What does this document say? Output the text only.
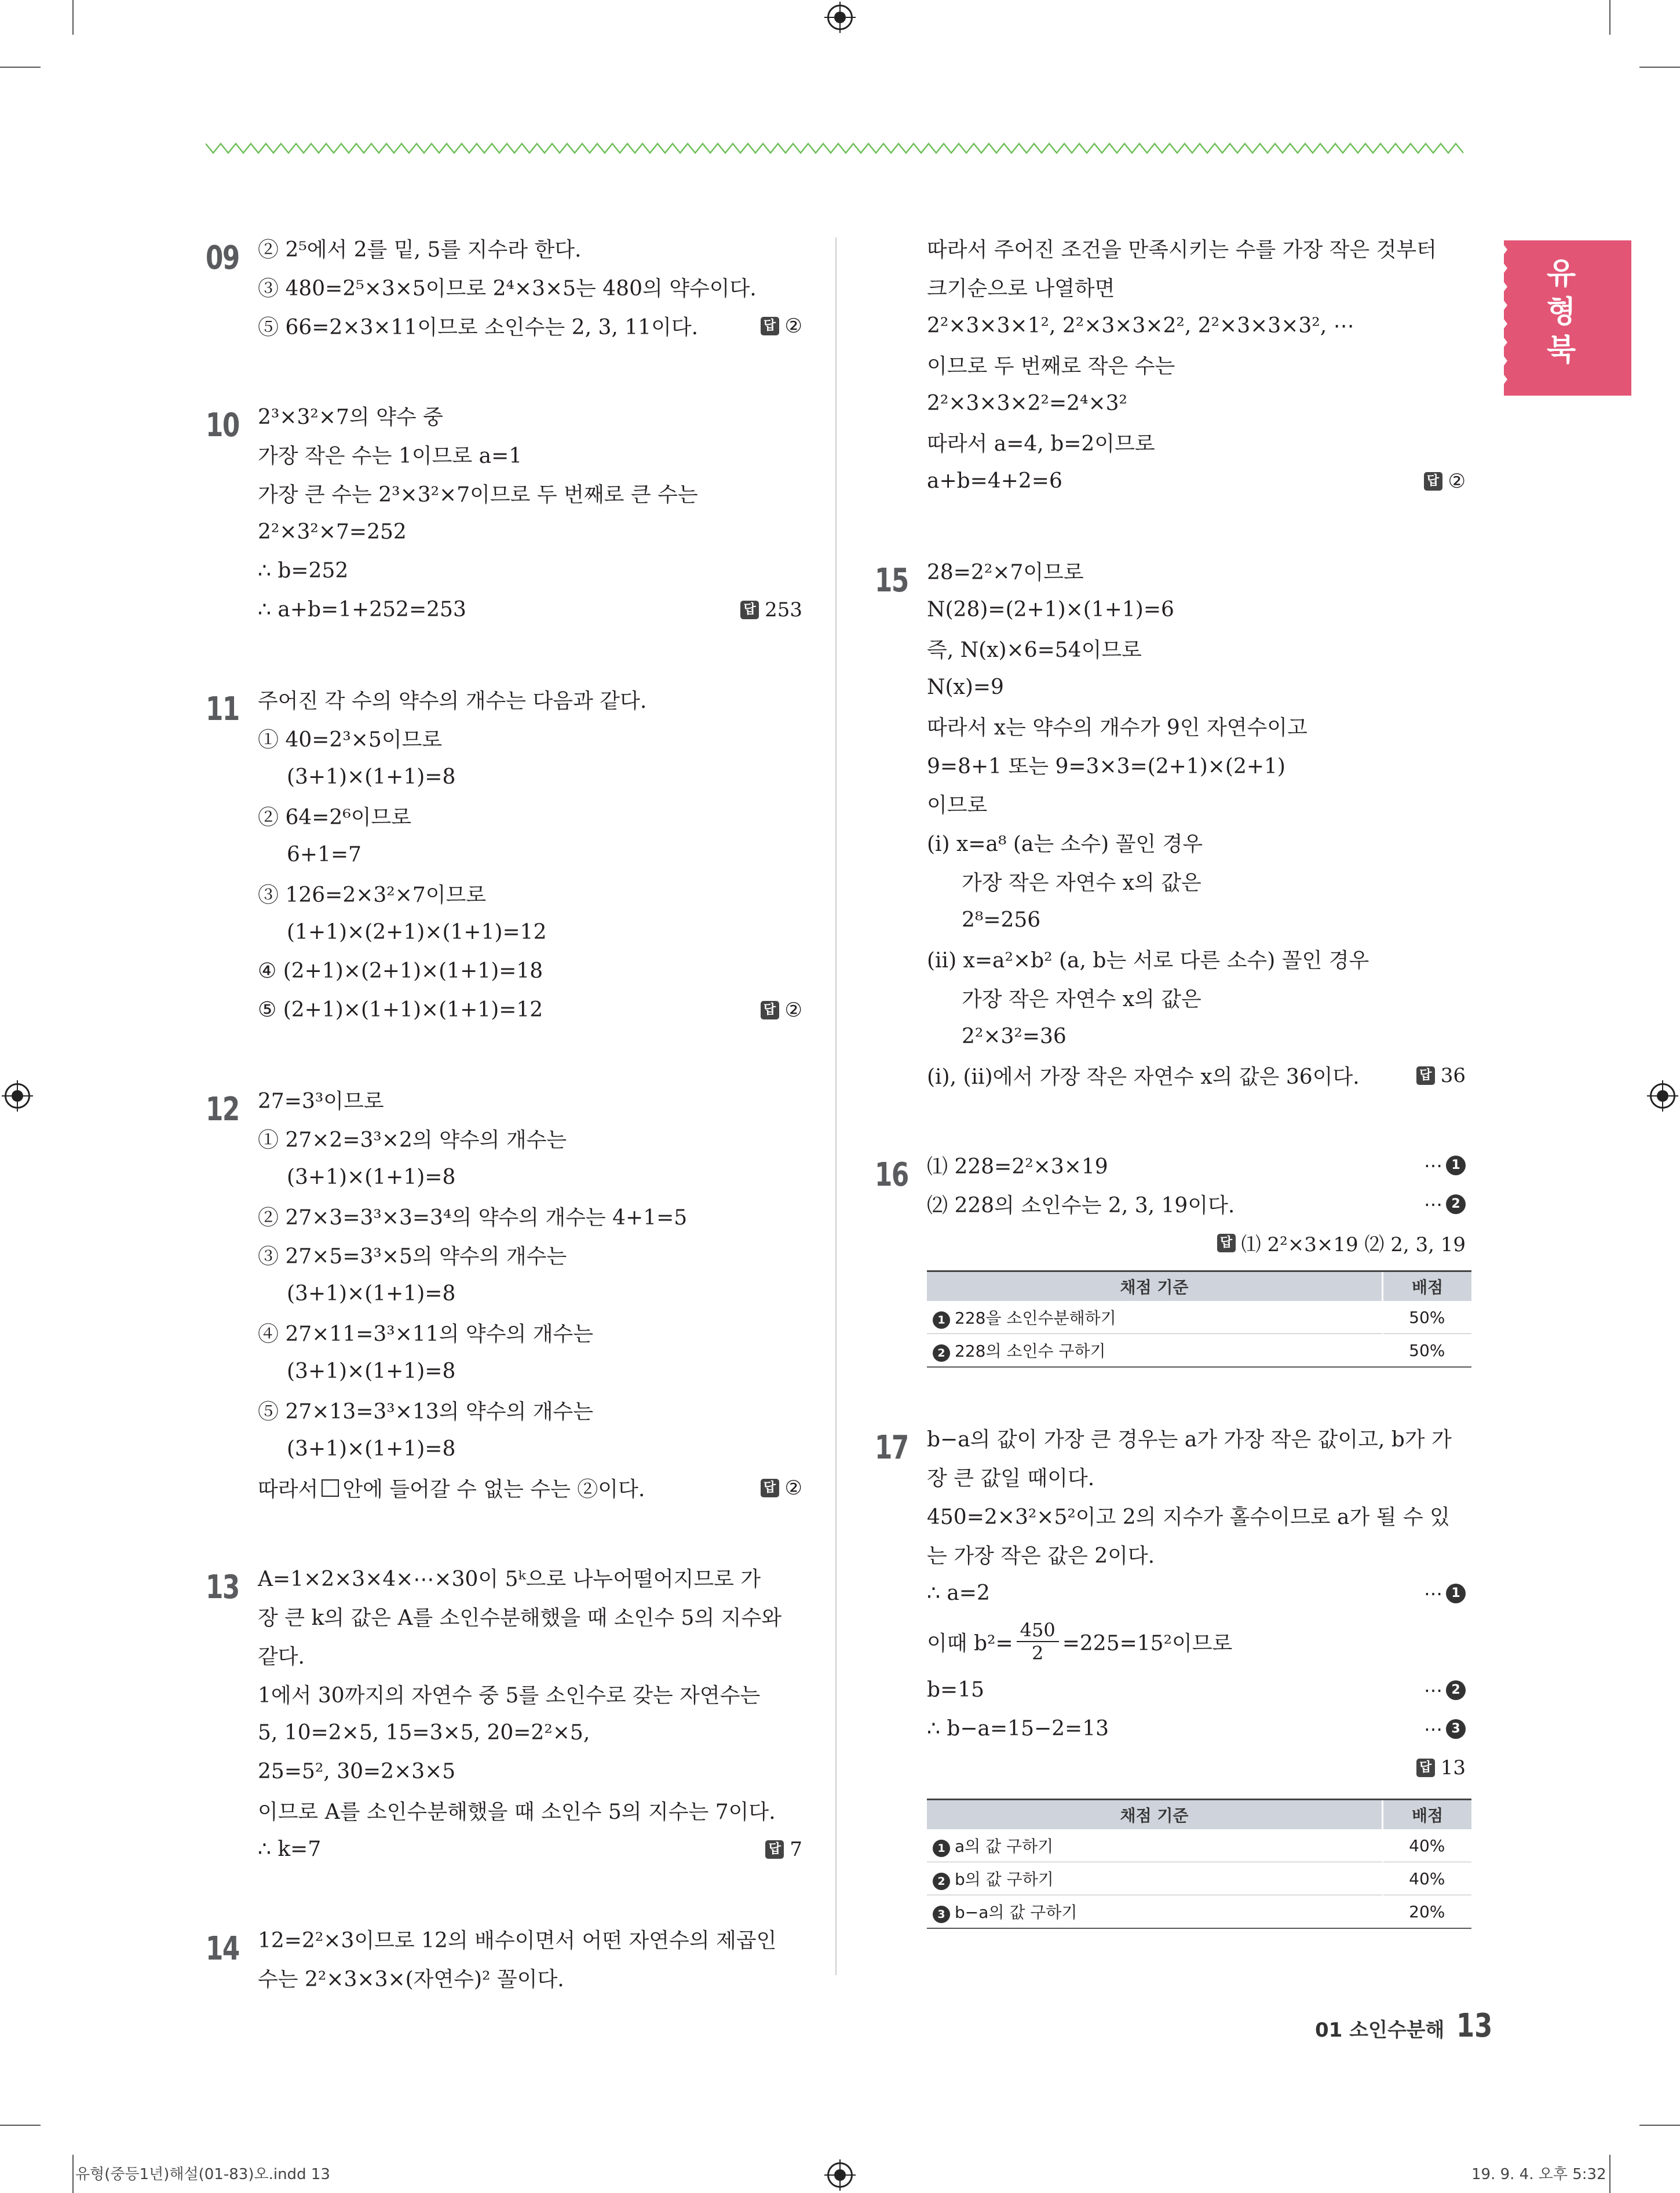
유
형
북
09 ② 2⁵에서 2를 밑, 5를 지수라 한다.
③ 480=2⁵×3×5이므로 2⁴×3×5는 480의 약수이다.
⑤ 66=2×3×11이므로 소인수는 2, 3, 11이다.	답 ②
10 2³×3²×7의 약수 중
가장 작은 수는 1이므로 a=1
가장 큰 수는 2³×3²×7이므로 두 번째로 큰 수는
2²×3²×7=252
∴ b=252
∴ a+b=1+252=253	답 253
11 주어진 각 수의 약수의 개수는 다음과 같다.
① 40=2³×5이므로
(3+1)×(1+1)=8
② 64=2⁶이므로
6+1=7
③ 126=2×3²×7이므로
(1+1)×(2+1)×(1+1)=12
④ (2+1)×(2+1)×(1+1)=18
⑤ (2+1)×(1+1)×(1+1)=12	답 ②
12 27=3³이므로
① 27×2=3³×2의 약수의 개수는
(3+1)×(1+1)=8
② 27×3=3³×3=3⁴의 약수의 개수는 4+1=5
③ 27×5=3³×5의 약수의 개수는
(3+1)×(1+1)=8
④ 27×11=3³×11의 약수의 개수는
(3+1)×(1+1)=8
⑤ 27×13=3³×13의 약수의 개수는
(3+1)×(1+1)=8
따라서 안에 들어갈 수 없는 수는 ②이다.	답 ②
13 A=1×2×3×4×⋯×30이 5ᵏ으로 나누어떨어지므로 가
장 큰 k의 값은 A를 소인수분해했을 때 소인수 5의 지수와
같다.
1에서 30까지의 자연수 중 5를 소인수로 갖는 자연수는
5, 10=2×5, 15=3×5, 20=2²×5,
25=5², 30=2×3×5
이므로 A를 소인수분해했을 때 소인수 5의 지수는 7이다.
∴ k=7	답 7
14 12=2²×3이므로 12의 배수이면서 어떤 자연수의 제곱인
수는 2²×3×3×(자연수)² 꼴이다.
따라서 주어진 조건을 만족시키는 수를 가장 작은 것부터
크기순으로 나열하면
2²×3×3×1², 2²×3×3×2², 2²×3×3×3², ⋯
이므로 두 번째로 작은 수는
2²×3×3×2²=2⁴×3²
따라서 a=4, b=2이므로
a+b=4+2=6	답 ②
15 28=2²×7이므로
N(28)=(2+1)×(1+1)=6
즉, N(x)×6=54이므로
N(x)=9
따라서 x는 약수의 개수가 9인 자연수이고
9=8+1 또는 9=3×3=(2+1)×(2+1)
이므로
(ⅰ) x=a⁸ (a는 소수) 꼴인 경우
가장 작은 자연수 x의 값은
2⁸=256
(ⅱ) x=a²×b² (a, b는 서로 다른 소수) 꼴인 경우
가장 작은 자연수 x의 값은
2²×3²=36
(ⅰ), (ⅱ)에서 가장 작은 자연수 x의 값은 36이다.	답 36
16 ⑴ 228=2²×3×19	⋯ 1
⑵ 228의 소인수는 2, 3, 19이다.	⋯ 2
답 ⑴ 2²×3×19 ⑵ 2, 3, 19
채점 기준	배점
1 228을 소인수분해하기	50%
2 228의 소인수 구하기	50%
17 b−a의 값이 가장 큰 경우는 a가 가장 작은 값이고, b가 가
장 큰 값일 때이다.
450=2×3²×5²이고 2의 지수가 홀수이므로 a가 될 수 있
는 가장 작은 값은 2이다.
∴ a=2	⋯ 1
이때 $b^2= \frac{450}{2} =225=15^2$이므로
b=15	⋯ 2
∴ b−a=15−2=13	⋯ 3
답 13
채점 기준	배점
1 a의 값 구하기	40%
2 b의 값 구하기	40%
3 b−a의 값 구하기	20%
01 소인수분해 13
유형(중등1년)해설(01-83)오.indd 13	19. 9. 4. 오후 5:32
